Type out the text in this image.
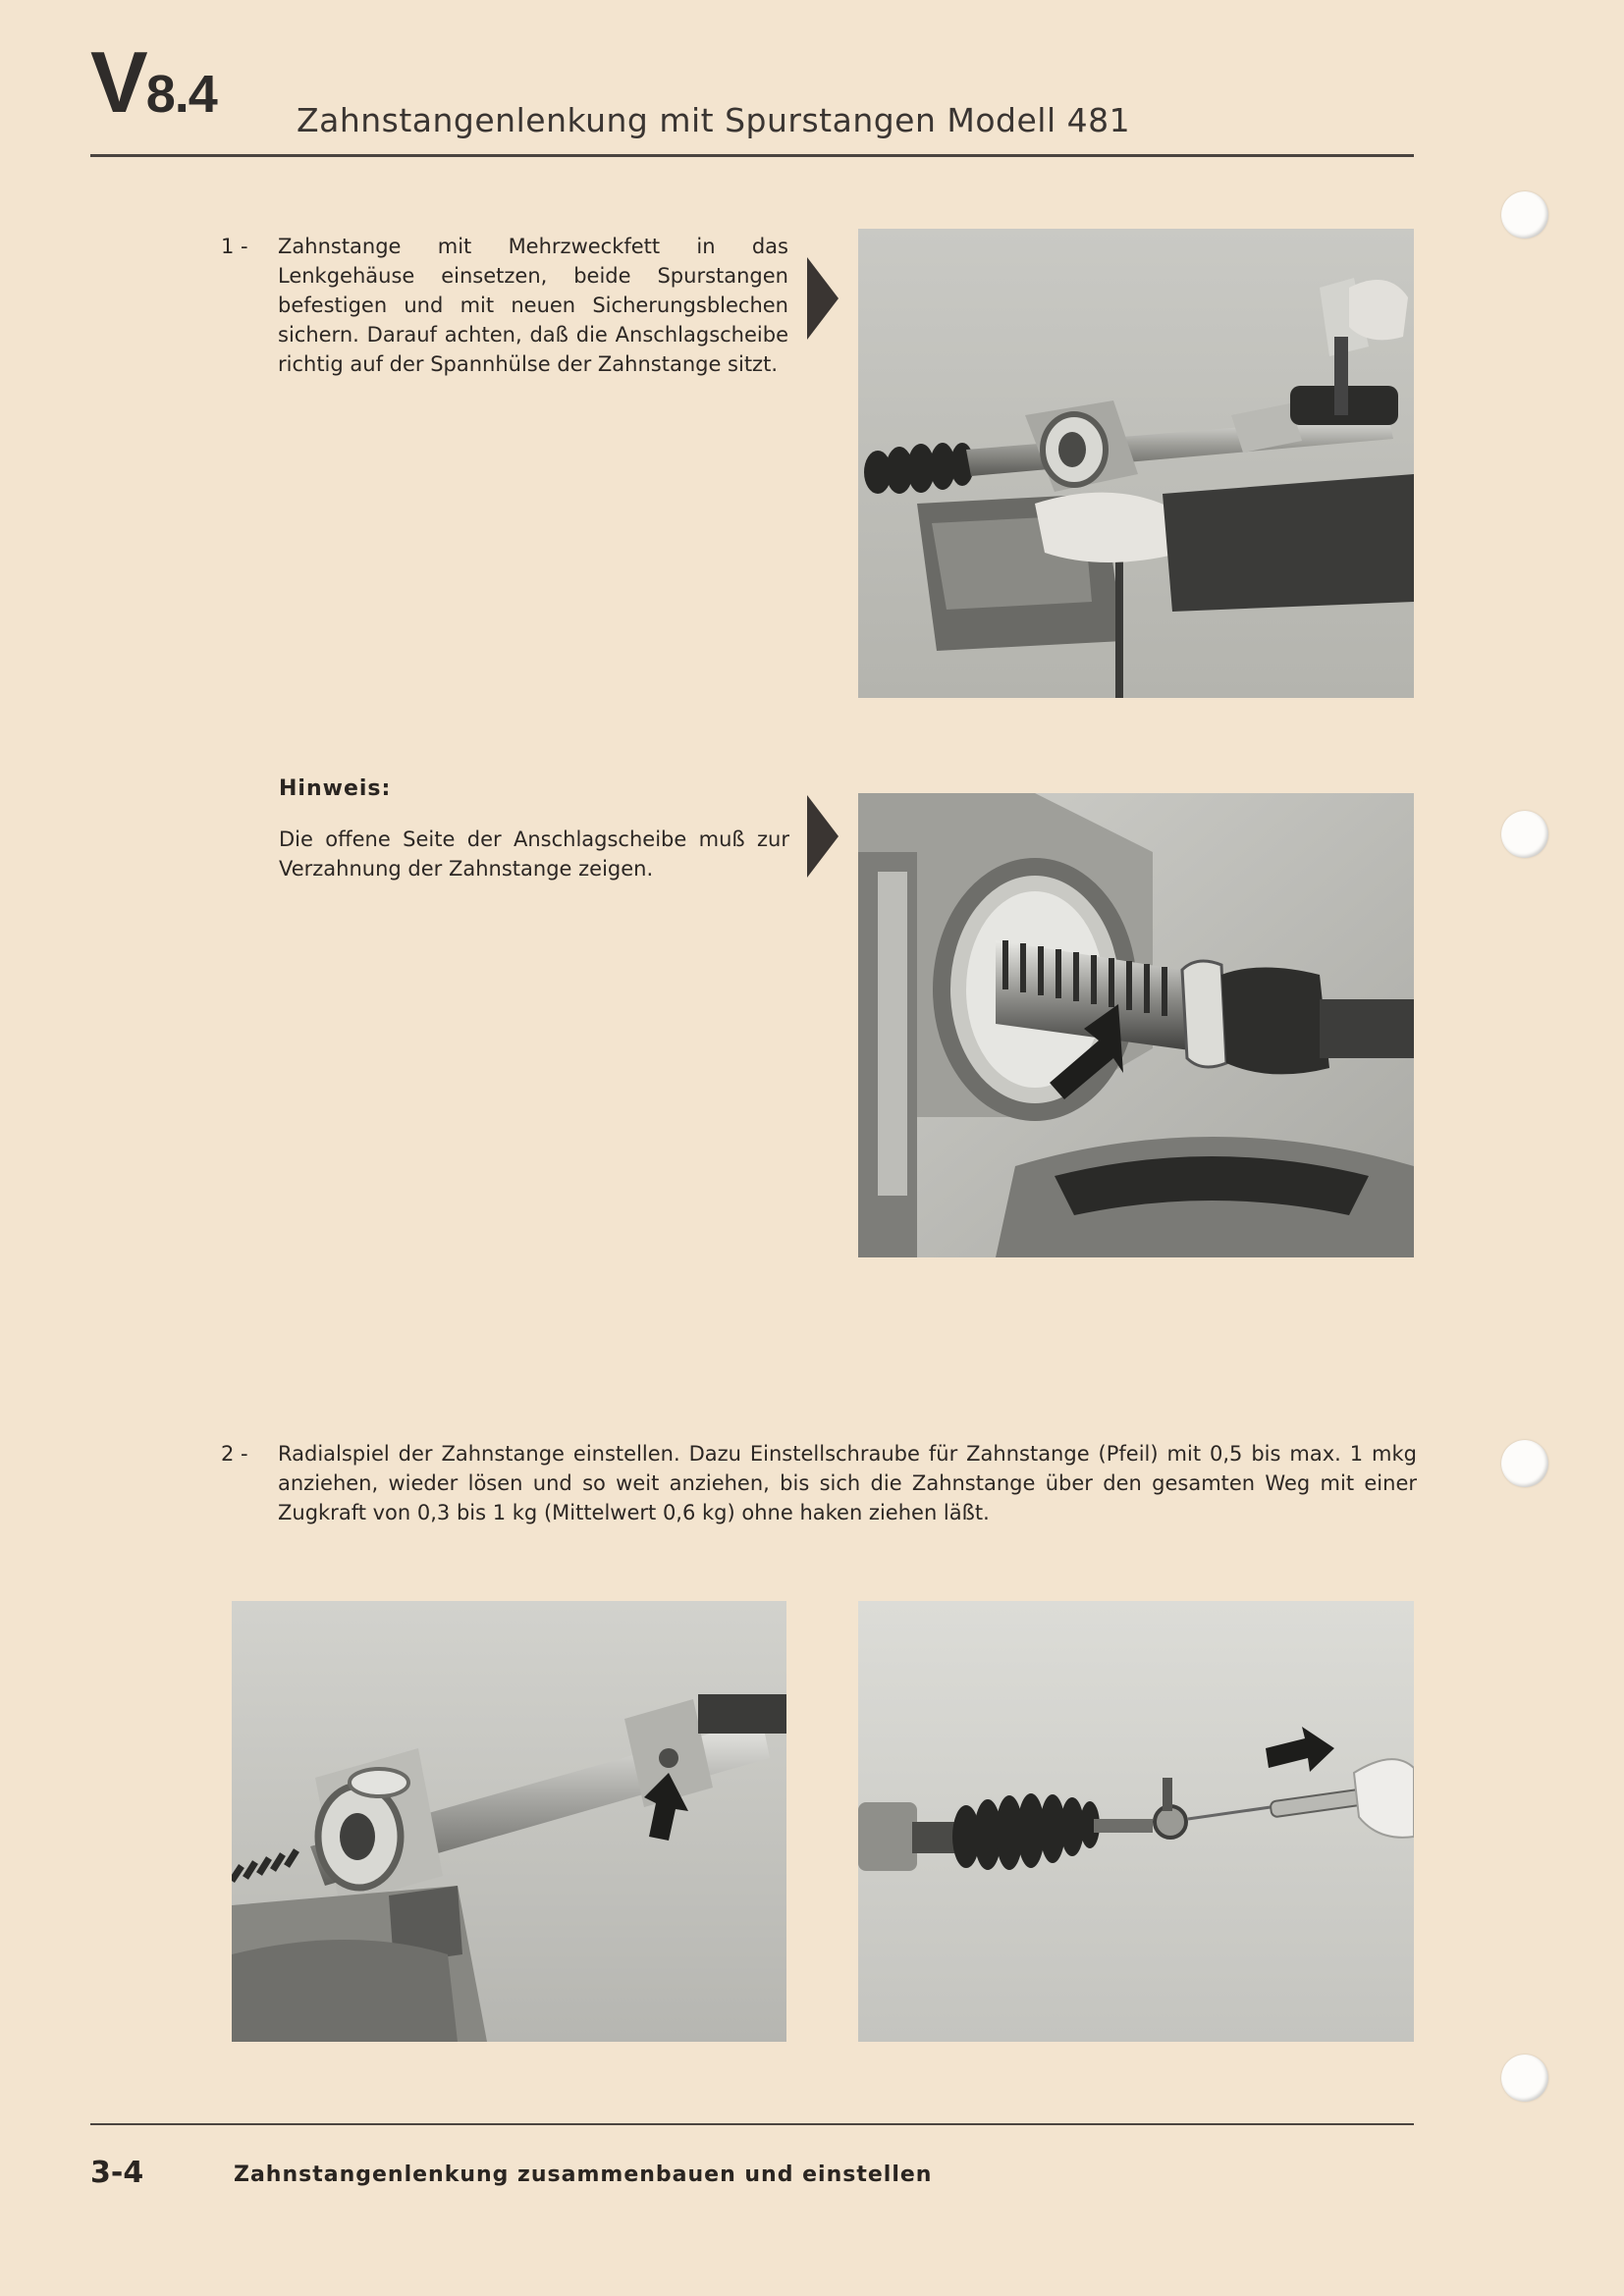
V8.4 Zahnstangenlenkung mit Spurstangen Modell 481
1 -	Zahnstange mit Mehrzweckfett in das Lenkgehäuse einsetzen, beide Spurstangen befestigen und mit neuen Sicherungsblechen sichern. Darauf achten, daß die Anschlagscheibe richtig auf der Spannhülse der Zahnstange sitzt.
Hinweis:
Die offene Seite der Anschlagscheibe muß zur Verzahnung der Zahnstange zeigen.
2 -	Radialspiel der Zahnstange einstellen. Dazu Einstellschraube für Zahnstange (Pfeil) mit 0,5 bis max. 1 mkg anziehen, wieder lösen und so weit anziehen, bis sich die Zahnstange über den gesamten Weg mit einer Zugkraft von 0,3 bis 1 kg (Mittelwert 0,6 kg) ohne haken ziehen läßt.
3-4	Zahnstangenlenkung zusammenbauen und einstellen
